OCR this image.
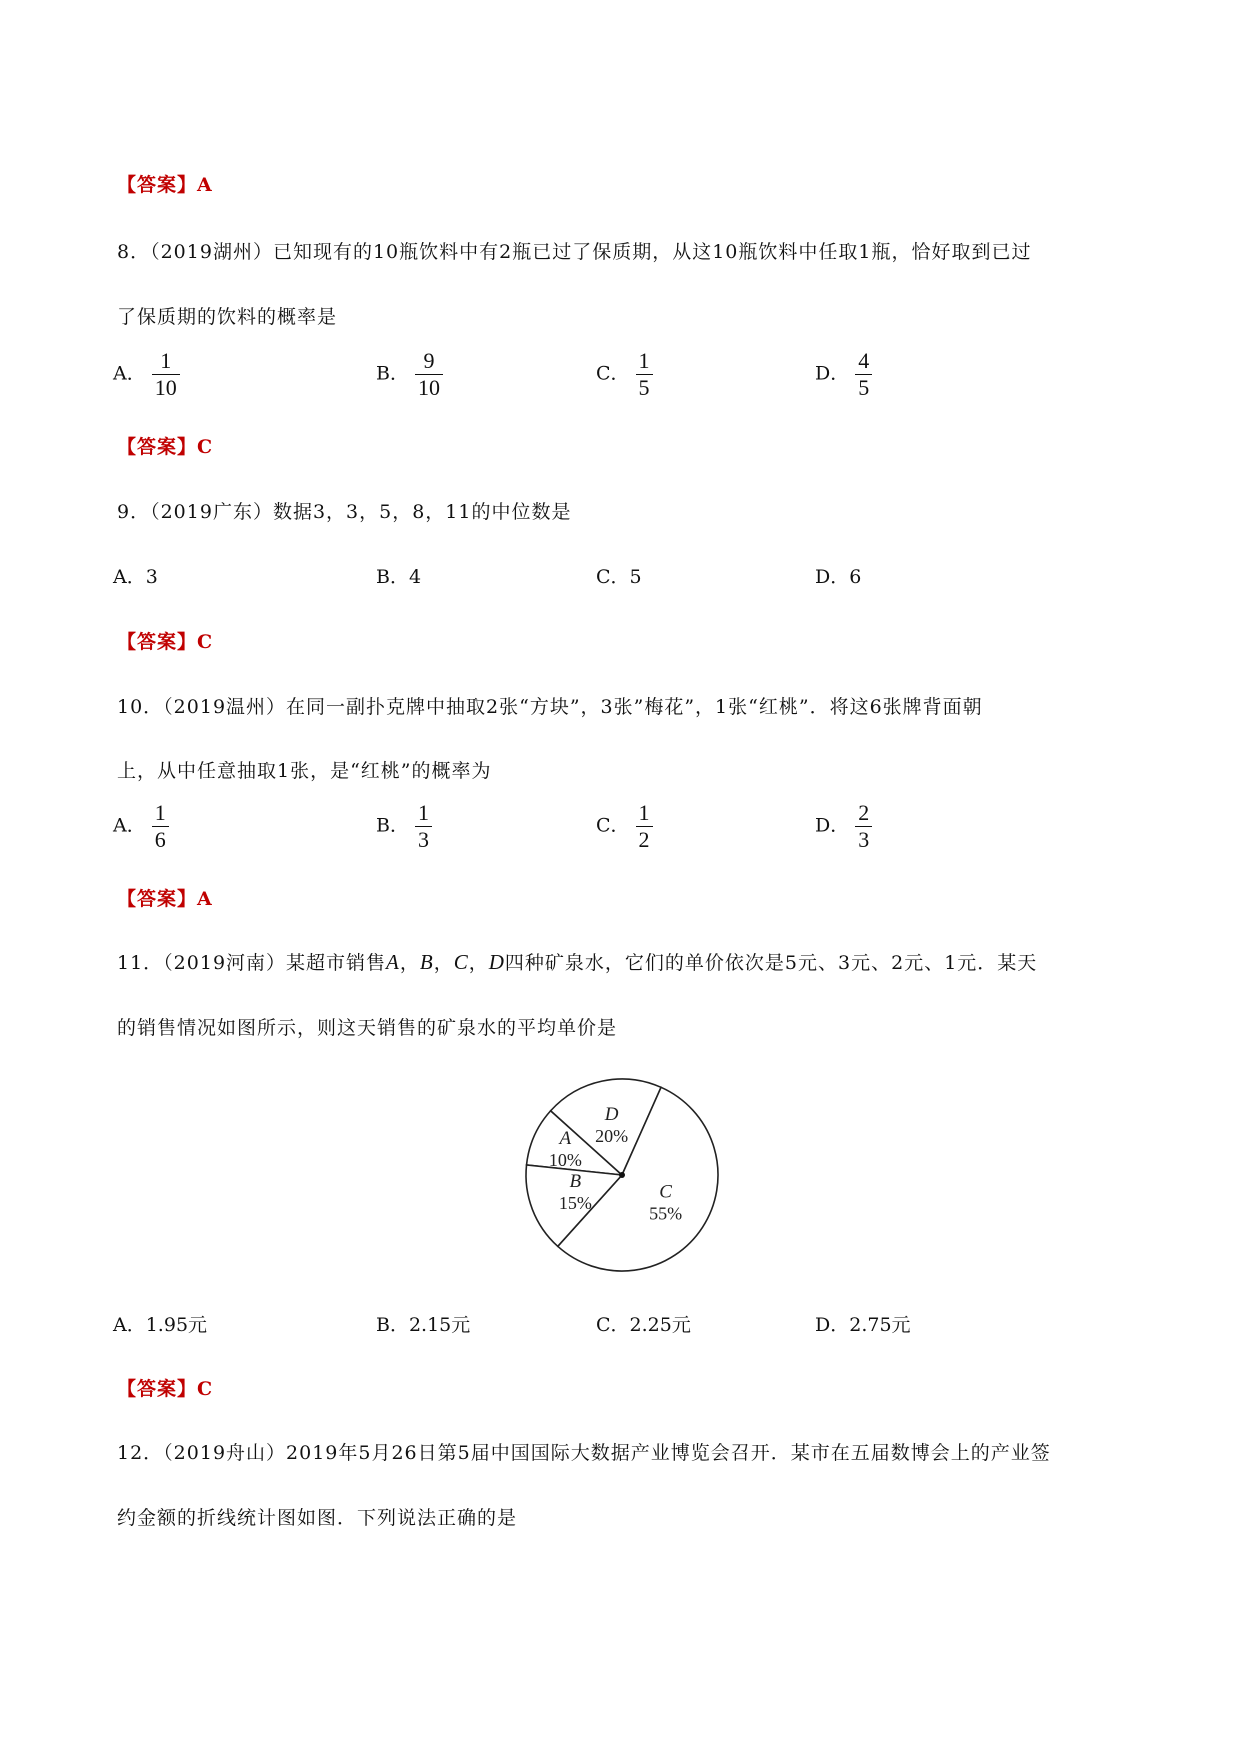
【答案】A
8．（2019湖州）已知现有的10瓶饮料中有2瓶已过了保质期，从这10瓶饮料中任取1瓶，恰好取到已过
了保质期的饮料的概率是
A． $\frac{1}{10}$	B． $\frac{9}{10}$	C． $\frac{1}{5}$	D． $\frac{4}{5}$
【答案】C
9．（2019广东）数据3，3，5，8，11的中位数是
A．3	B．4	C．5	D．6
【答案】C
10．（2019温州）在同一副扑克牌中抽取2张“方块”，3张”梅花”，1张“红桃”．将这6张牌背面朝
上，从中任意抽取1张，是“红桃”的概率为
A． $\frac{1}{6}$	B． $\frac{1}{3}$	C． $\frac{1}{2}$	D． $\frac{2}{3}$
【答案】A
11．（2019河南）某超市销售A，B，C，D四种矿泉水，它们的单价依次是5元、3元、2元、1元．某天
的销售情况如图所示，则这天销售的矿泉水的平均单价是
A
10%
D
20%
C
55%
B
15%
A．1.95元	B．2.15元	C．2.25元	D．2.75元
【答案】C
12．（2019舟山）2019年5月26日第5届中国国际大数据产业博览会召开．某市在五届数博会上的产业签
约金额的折线统计图如图．下列说法正确的是
